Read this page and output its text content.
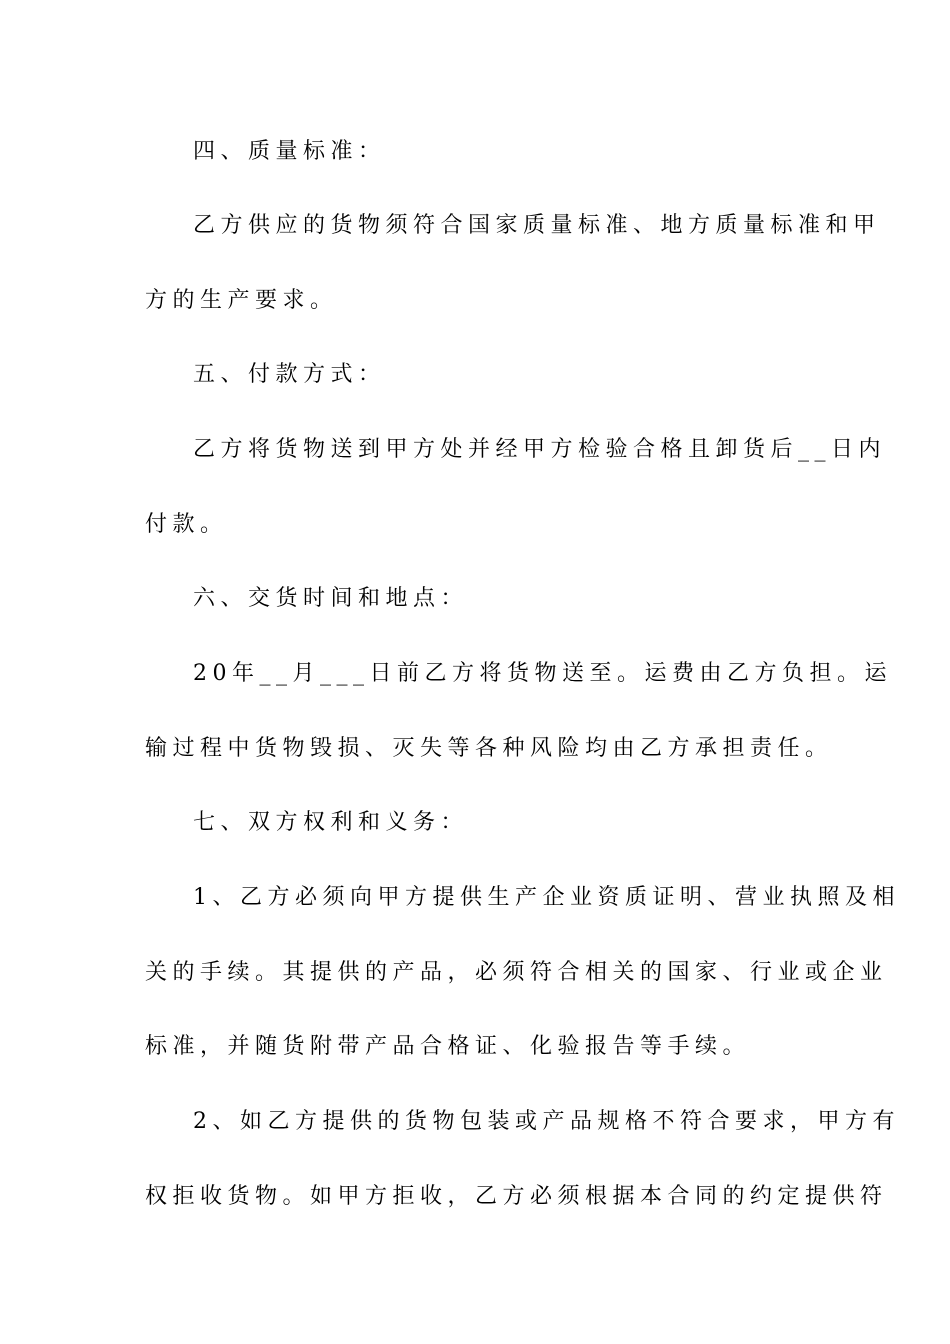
四、质量标准：
乙方供应的货物须符合国家质量标准、地方质量标准和甲
方的生产要求。
五、付款方式：
乙方将货物送到甲方处并经甲方检验合格且卸货后__日内
付款。
六、交货时间和地点：
20年__月___日前乙方将货物送至。运费由乙方负担。运
输过程中货物毁损、灭失等各种风险均由乙方承担责任。
七、双方权利和义务：
1、乙方必须向甲方提供生产企业资质证明、营业执照及相
关的手续。其提供的产品，必须符合相关的国家、行业或企业
标准，并随货附带产品合格证、化验报告等手续。
2、如乙方提供的货物包装或产品规格不符合要求，甲方有
权拒收货物。如甲方拒收，乙方必须根据本合同的约定提供符
